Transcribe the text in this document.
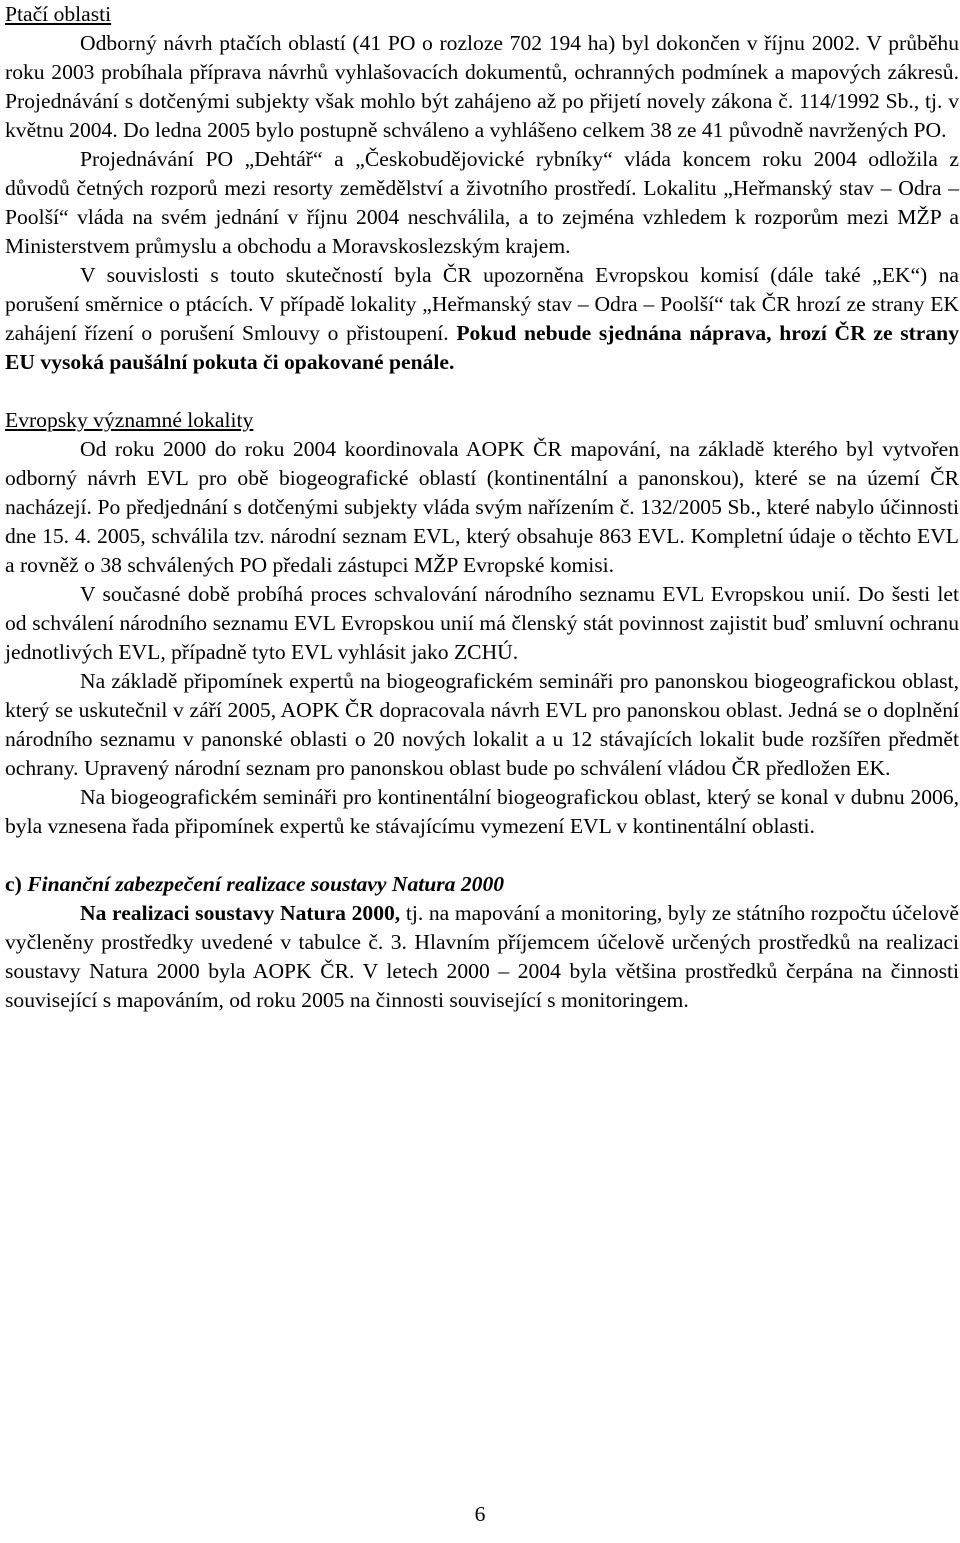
Ptačí oblasti

Odborný návrh ptačích oblastí (41 PO o rozloze 702 194 ha) byl dokončen v říjnu 2002. V průběhu roku 2003 probíhala příprava návrhů vyhlašovacích dokumentů, ochranných podmínek a mapových zákresů. Projednávání s dotčenými subjekty však mohlo být zahájeno až po přijetí novely zákona č. 114/1992 Sb., tj. v květnu 2004. Do ledna 2005 bylo postupně schváleno a vyhlášeno celkem 38 ze 41 původně navržených PO.

Projednávání PO „Dehtář“ a „Českobudějovické rybníky“ vláda koncem roku 2004 odložila z důvodů četných rozporů mezi resorty zemědělství a životního prostředí. Lokalitu „Heřmanský stav – Odra – Poolší“ vláda na svém jednání v říjnu 2004 neschválila, a to zejména vzhledem k rozporům mezi MŽP a Ministerstvem průmyslu a obchodu a Moravskoslezským krajem.

V souvislosti s touto skutečností byla ČR upozorněna Evropskou komisí (dále také „EK“) na porušení směrnice o ptácích. V případě lokality „Heřmanský stav – Odra – Poolší“ tak ČR hrozí ze strany EK zahájení řízení o porušení Smlouvy o přistoupení. Pokud nebude sjednána náprava, hrozí ČR ze strany EU vysoká paušální pokuta či opakované penále.

Evropsky významné lokality

Od roku 2000 do roku 2004 koordinovala AOPK ČR mapování, na základě kterého byl vytvořen odborný návrh EVL pro obě biogeografické oblastí (kontinentální a panonskou), které se na území ČR nacházejí. Po předjednání s dotčenými subjekty vláda svým nařízením č. 132/2005 Sb., které nabylo účinnosti dne 15. 4. 2005, schválila tzv. národní seznam EVL, který obsahuje 863 EVL. Kompletní údaje o těchto EVL a rovněž o 38 schválených PO předali zástupci MŽP Evropské komisi.

V současné době probíhá proces schvalování národního seznamu EVL Evropskou unií. Do šesti let od schválení národního seznamu EVL Evropskou unií má členský stát povinnost zajistit buď smluvní ochranu jednotlivých EVL, případně tyto EVL vyhlásit jako ZCHÚ.

Na základě připomínek expertů na biogeografickém semináři pro panonskou biogeografickou oblast, který se uskutečnil v září 2005, AOPK ČR dopracovala návrh EVL pro panonskou oblast. Jedná se o doplnění národního seznamu v panonské oblasti o 20 nových lokalit a u 12 stávajících lokalit bude rozšířen předmět ochrany. Upravený národní seznam pro panonskou oblast bude po schválení vládou ČR předložen EK.

Na biogeografickém semináři pro kontinentální biogeografickou oblast, který se konal v dubnu 2006, byla vznesena řada připomínek expertů ke stávajícímu vymezení EVL v kontinentální oblasti.

c) Finanční zabezpečení realizace soustavy Natura 2000

Na realizaci soustavy Natura 2000, tj. na mapování a monitoring, byly ze státního rozpočtu účelově vyčleněny prostředky uvedené v tabulce č. 3. Hlavním příjemcem účelově určených prostředků na realizaci soustavy Natura 2000 byla AOPK ČR. V letech 2000 – 2004 byla většina prostředků čerpána na činnosti související s mapováním, od roku 2005 na činnosti související s monitoringem.

6
